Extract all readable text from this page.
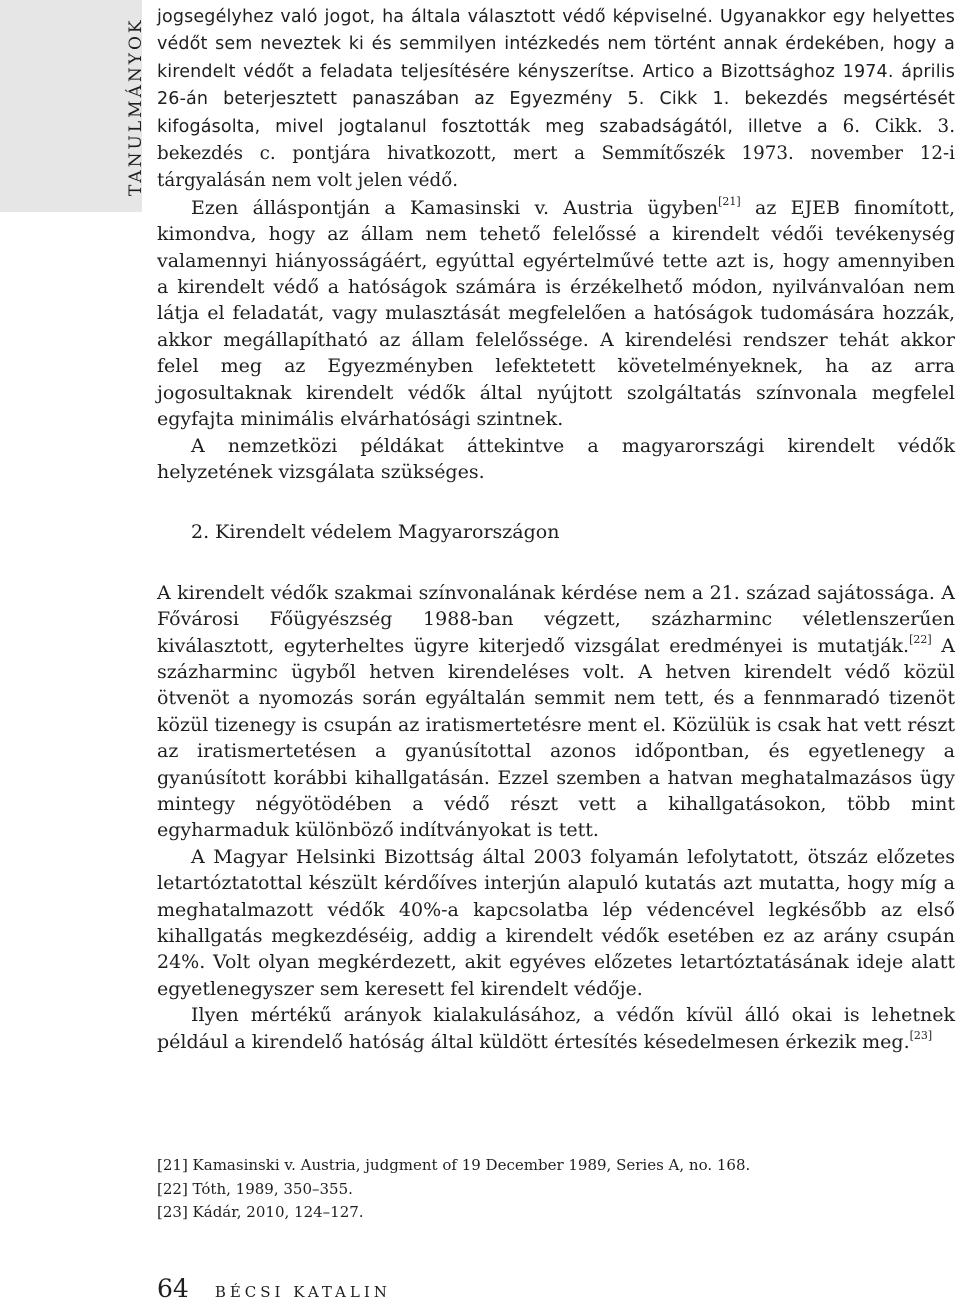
TANULMÁNYOK

jogsegélyhez való jogot, ha általa választott védő képviselné. Ugyanakkor egy helyettes védőt sem neveztek ki és semmilyen intézkedés nem történt annak érdekében, hogy a kirendelt védőt a feladata teljesítésére kényszerítse. Artico a Bizottsághoz 1974. április 26-án beterjesztett panaszában az Egyezmény 5. Cikk 1. bekezdés megsértését kifogásolta, mivel jogtalanul fosztották meg szabadságától, illetve a 6. Cikk. 3. bekezdés c. pontjára hivatkozott, mert a Semmítőszék 1973. november 12-i tárgyalásán nem volt jelen védő.

Ezen álláspontján a Kamasinski v. Austria ügyben[21] az EJEB finomított, kimondva, hogy az állam nem tehető felelőssé a kirendelt védői tevékenység valamennyi hiányosságáért, egyúttal egyértelművé tette azt is, hogy amennyiben a kirendelt védő a hatóságok számára is érzékelhető módon, nyilvánvalóan nem látja el feladatát, vagy mulasztását megfelelően a hatóságok tudomására hozzák, akkor megállapítható az állam felelőssége. A kirendelési rendszer tehát akkor felel meg az Egyezményben lefektetett követelményeknek, ha az arra jogosultaknak kirendelt védők által nyújtott szolgáltatás színvonala megfelel egyfajta minimális elvárhatósági szintnek.

A nemzetközi példákat áttekintve a magyarországi kirendelt védők helyzetének vizsgálata szükséges.

2. Kirendelt védelem Magyarországon

A kirendelt védők szakmai színvonalának kérdése nem a 21. század sajátossága. A Fővárosi Főügyészség 1988-ban végzett, százharminc véletlenszerűen kiválasztott, egyterheltes ügyre kiterjedő vizsgálat eredményei is mutatják.[22] A százharminc ügyből hetven kirendeléses volt. A hetven kirendelt védő közül ötvenöt a nyomozás során egyáltalán semmit nem tett, és a fennmaradó tizenöt közül tizenegy is csupán az iratismertetésre ment el. Közülük is csak hat vett részt az iratismertetésen a gyanúsítottal azonos időpontban, és egyetlenegy a gyanúsított korábbi kihallgatásán. Ezzel szemben a hatvan meghatalmazásos ügy mintegy négyötödében a védő részt vett a kihallgatásokon, több mint egyharmaduk különböző indítványokat is tett.

A Magyar Helsinki Bizottság által 2003 folyamán lefolytatott, ötszáz előzetes letartóztatottal készült kérdőíves interjún alapuló kutatás azt mutatta, hogy míg a meghatalmazott védők 40%-a kapcsolatba lép védencével legkésőbb az első kihallgatás megkezdéséig, addig a kirendelt védők esetében ez az arány csupán 24%. Volt olyan megkérdezett, akit egyéves előzetes letartóztatásának ideje alatt egyetlenegyszer sem keresett fel kirendelt védője.

Ilyen mértékű arányok kialakulásához, a védőn kívül álló okai is lehetnek például a kirendelő hatóság által küldött értesítés késedelmesen érkezik meg.[23]

[21] Kamasinski v. Austria, judgment of 19 December 1989, Series A, no. 168.

[22] Tóth, 1989, 350–355.

[23] Kádár, 2010, 124–127.

64 BÉCSI KATALIN
